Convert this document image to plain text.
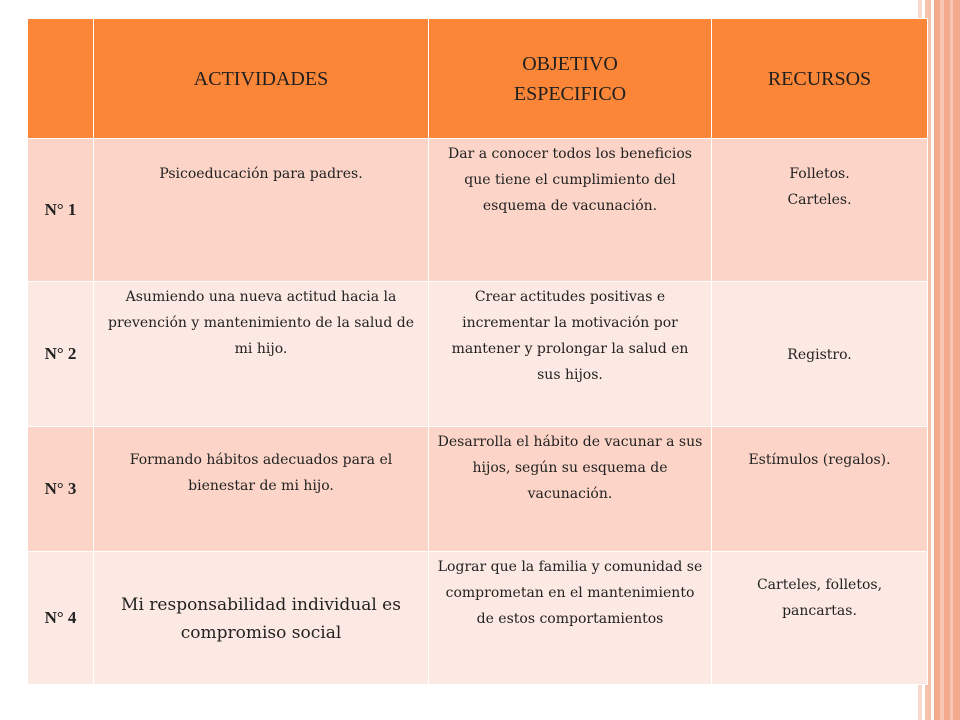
	ACTIVIDADES	OBJETIVO ESPECIFICO	RECURSOS
N° 1	Psicoeducación para padres.	Dar a conocer todos los beneficios que tiene el cumplimiento del esquema de vacunación.	Folletos.
Carteles.

N° 2	Asumiendo una nueva actitud hacia la prevención y mantenimiento de la salud de mi hijo.	Crear actitudes positivas e incrementar la motivación por mantener y prolongar la salud en sus hijos.	Registro.
N° 3	Formando hábitos adecuados para el bienestar de mi hijo.	Desarrolla el hábito de vacunar a sus hijos, según su esquema de vacunación.	Estímulos (regalos).
N° 4	Mi responsabilidad individual es compromiso social	Lograr que la familia y comunidad se comprometan en el mantenimiento de estos comportamientos	Carteles, folletos, pancartas.
